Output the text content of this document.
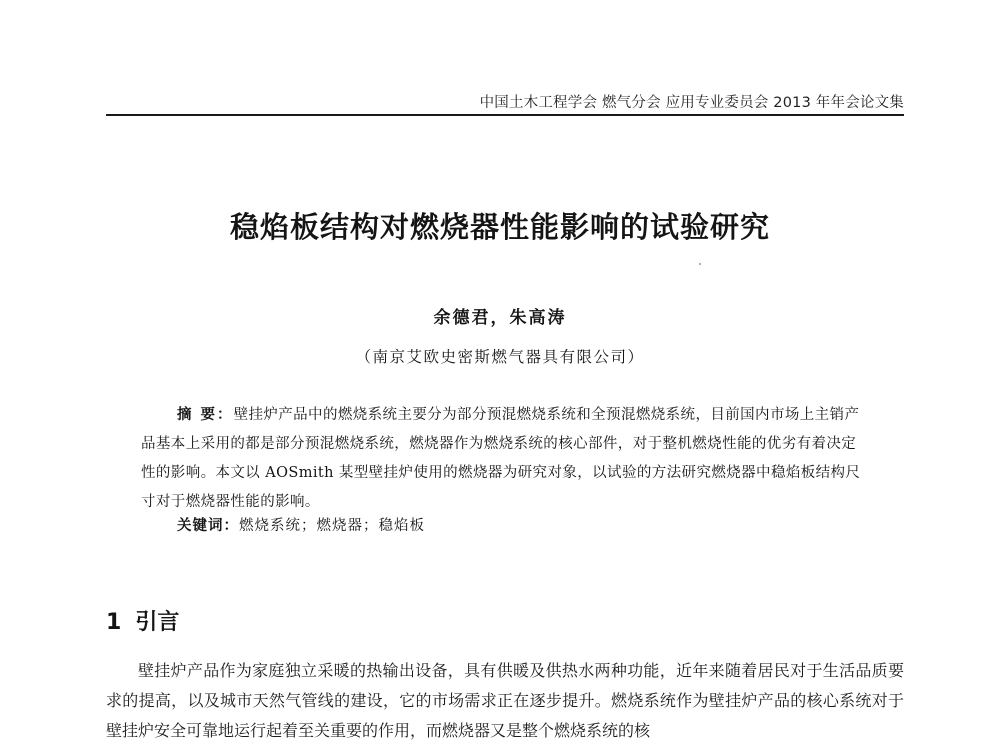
中国土木工程学会 燃气分会 应用专业委员会 2013 年年会论文集
稳焰板结构对燃烧器性能影响的试验研究
余德君，朱高涛
（南京艾欧史密斯燃气器具有限公司）
摘 要：壁挂炉产品中的燃烧系统主要分为部分预混燃烧系统和全预混燃烧系统，目前国内市场上主销产品基本上采用的都是部分预混燃烧系统，燃烧器作为燃烧系统的核心部件，对于整机燃烧性能的优劣有着决定性的影响。本文以 AOSmith 某型壁挂炉使用的燃烧器为研究对象，以试验的方法研究燃烧器中稳焰板结构尺寸对于燃烧器性能的影响。
关键词：燃烧系统；燃烧器；稳焰板
1 引言
壁挂炉产品作为家庭独立采暖的热输出设备，具有供暖及供热水两种功能，近年来随着居民对于生活品质要求的提高，以及城市天然气管线的建设，它的市场需求正在逐步提升。燃烧系统作为壁挂炉产品的核心系统对于壁挂炉安全可靠地运行起着至关重要的作用，而燃烧器又是整个燃烧系统的核
